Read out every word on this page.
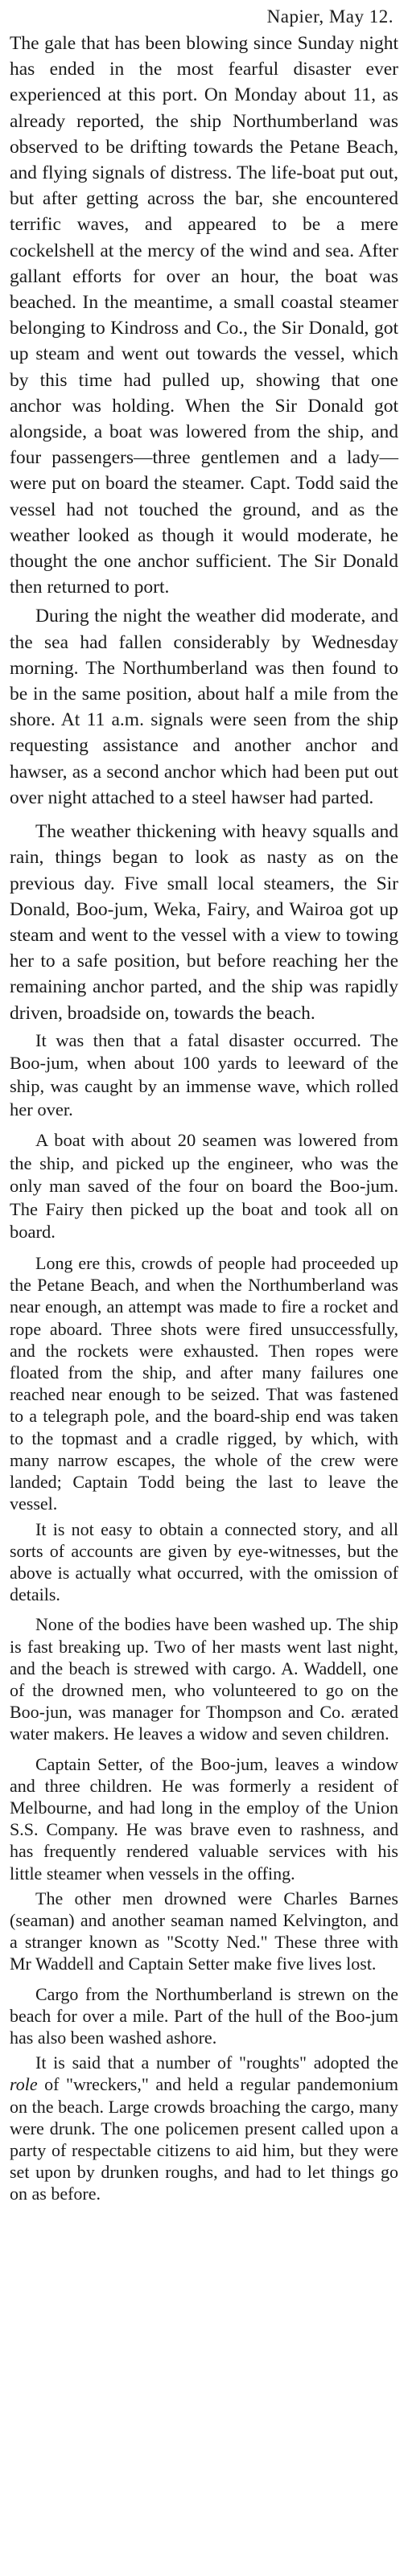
Napier, May 12.

The gale that has been blowing since Sunday night has ended in the most fearful disaster ever experienced at this port. On Monday about 11, as already reported, the ship Northumberland was observed to be drifting towards the Petane Beach, and flying signals of distress. The life-boat put out, but after getting across the bar, she encountered terrific waves, and appeared to be a mere cockelshell at the mercy of the wind and sea. After gallant efforts for over an hour, the boat was beached. In the meantime, a small coastal steamer belonging to Kindross and Co., the Sir Donald, got up steam and went out towards the vessel, which by this time had pulled up, showing that one anchor was holding. When the Sir Donald got alongside, a boat was lowered from the ship, and four passengers—three gentlemen and a lady—were put on board the steamer. Capt. Todd said the vessel had not touched the ground, and as the weather looked as though it would moderate, he thought the one anchor sufficient. The Sir Donald then returned to port.

During the night the weather did moderate, and the sea had fallen considerably by Wednesday morning. The Northumberland was then found to be in the same position, about half a mile from the shore. At 11 a.m. signals were seen from the ship requesting assistance and another anchor and hawser, as a second anchor which had been put out over night attached to a steel hawser had parted.

The weather thickening with heavy squalls and rain, things began to look as nasty as on the previous day. Five small local steamers, the Sir Donald, Boo-jum, Weka, Fairy, and Wairoa got up steam and went to the vessel with a view to towing her to a safe position, but before reaching her the remaining anchor parted, and the ship was rapidly driven, broadside on, towards the beach.

It was then that a fatal disaster occurred. The Boo-jum, when about 100 yards to leeward of the ship, was caught by an immense wave, which rolled her over.

A boat with about 20 seamen was lowered from the ship, and picked up the engineer, who was the only man saved of the four on board the Boo-jum. The Fairy then picked up the boat and took all on board.

Long ere this, crowds of people had proceeded up the Petane Beach, and when the Northumberland was near enough, an attempt was made to fire a rocket and rope aboard. Three shots were fired unsuccessfully, and the rockets were exhausted. Then ropes were floated from the ship, and after many failures one reached near enough to be seized. That was fastened to a telegraph pole, and the board-ship end was taken to the topmast and a cradle rigged, by which, with many narrow escapes, the whole of the crew were landed; Captain Todd being the last to leave the vessel.

It is not easy to obtain a connected story, and all sorts of accounts are given by eye-witnesses, but the above is actually what occurred, with the omission of details.

None of the bodies have been washed up. The ship is fast breaking up. Two of her masts went last night, and the beach is strewed with cargo. A. Waddell, one of the drowned men, who volunteered to go on the Boo-jun, was manager for Thompson and Co. ærated water makers. He leaves a widow and seven children.

Captain Setter, of the Boo-jum, leaves a window and three children. He was formerly a resident of Melbourne, and had long in the employ of the Union S.S. Company. He was brave even to rashness, and has frequently rendered valuable services with his little steamer when vessels in the offing.

The other men drowned were Charles Barnes (seaman) and another seaman named Kelvington, and a stranger known as "Scotty Ned." These three with Mr Waddell and Captain Setter make five lives lost.

Cargo from the Northumberland is strewn on the beach for over a mile. Part of the hull of the Boo-jum has also been washed ashore.

It is said that a number of "roughts" adopted the role of "wreckers," and held a regular pandemonium on the beach. Large crowds broaching the cargo, many were drunk. The one policemen present called upon a party of respectable citizens to aid him, but they were set upon by drunken roughs, and had to let things go on as before.
